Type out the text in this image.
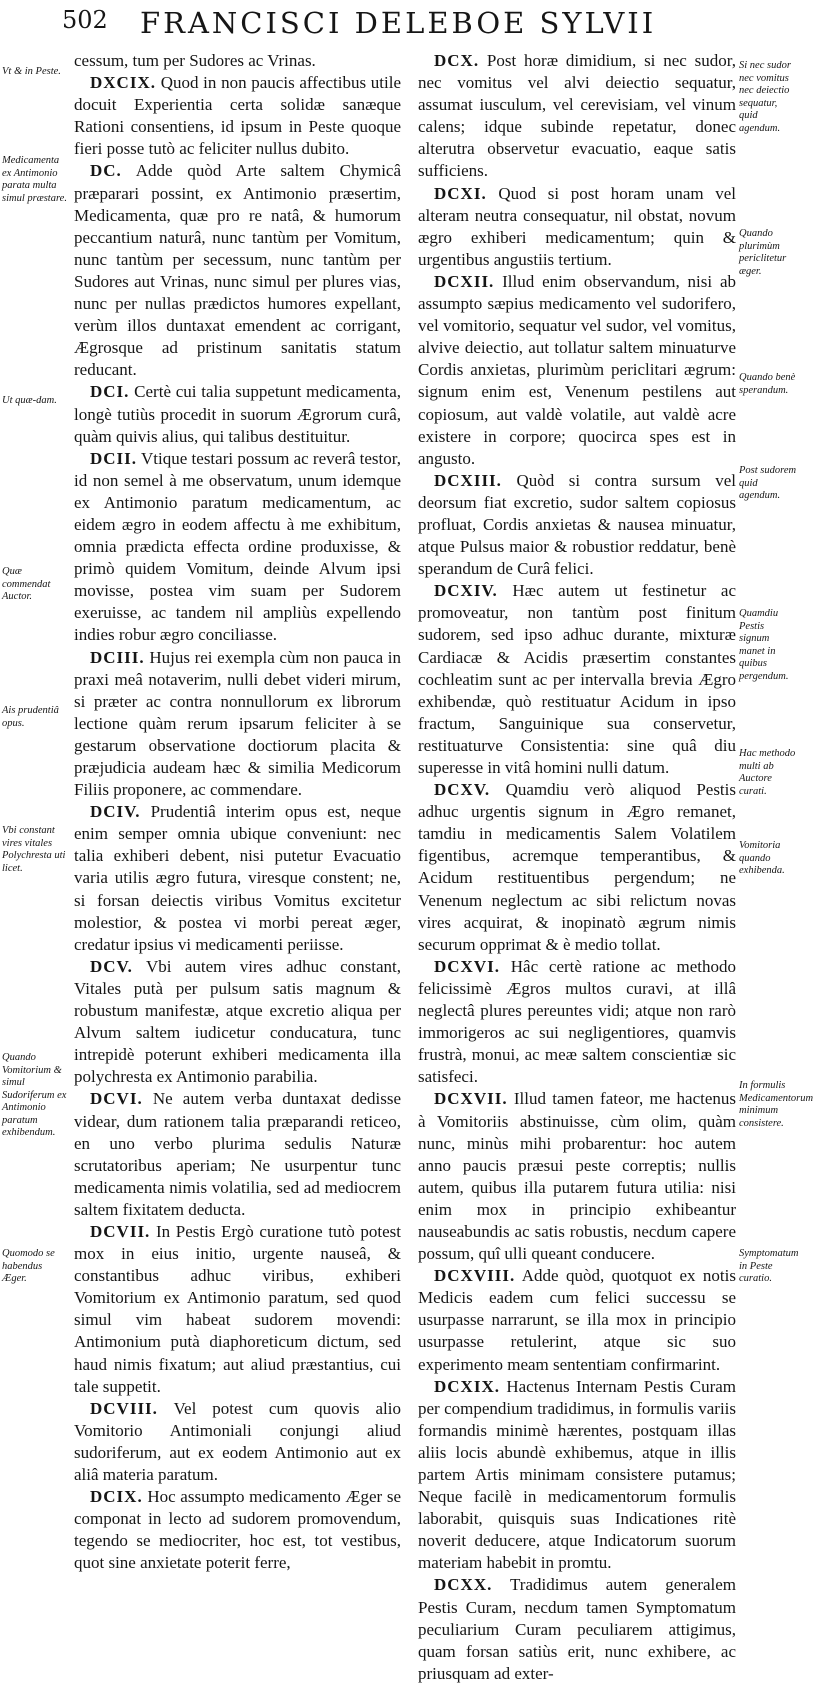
502 FRANCISCI DELEBOE SYLVII

cessum, tum per Sudores ac Vrinas.

DXCIX. Quod in non paucis affectibus utile docuit Experientia certa solidæ sanæque Rationi consentiens, id ipsum in Peste quoque fieri posse tutò ac feliciter nullus dubito.

DC. Adde quòd Arte saltem Chymicâ præparari possint, ex Antimonio præsertim, Medicamenta, quæ pro re natâ, & humorum peccantium naturâ, nunc tantùm per Vomitum, nunc tantùm per secessum, nunc tantùm per Sudores aut Vrinas, nunc simul per plures vias, nunc per nullas prædictos humores expellant, verùm illos duntaxat emendent ac corrigant, Ægrosque ad pristinum sanitatis statum reducant.

DCI. Certè cui talia suppetunt medicamenta, longè tutiùs procedit in suorum Ægrorum curâ, quàm quivis alius, qui talibus destituitur.

DCII. Vtique testari possum ac reverâ testor, id non semel à me observatum, unum idemque ex Antimonio paratum medicamentum, ac eidem ægro in eodem affectu à me exhibitum, omnia prædicta effecta ordine produxisse, & primò quidem Vomitum, deinde Alvum ipsi movisse, postea vim suam per Sudorem exeruisse, ac tandem nil ampliùs expellendo indies robur ægro conciliasse.

DCIII. Hujus rei exempla cùm non pauca in praxi meâ notaverim, nulli debet videri mirum, si præter ac contra nonnullorum ex librorum lectione quàm rerum ipsarum feliciter à se gestarum observatione doctiorum placita & præjudicia audeam hæc & similia Medicorum Filiis proponere, ac commendare.

DCIV. Prudentiâ interim opus est, neque enim semper omnia ubique conveniunt: nec talia exhiberi debent, nisi putetur Evacuatio varia utilis ægro futura, viresque constent; ne, si forsan deiectis viribus Vomitus excitetur molestior, & postea vi morbi pereat æger, credatur ipsius vi medicamenti periisse.

DCV. Vbi autem vires adhuc constant, Vitales putà per pulsum satis magnum & robustum manifestæ, atque excretio aliqua per Alvum saltem iudicetur conducatura, tunc intrepidè poterunt exhiberi medicamenta illa polychresta ex Antimonio parabilia.

DCVI. Ne autem verba duntaxat dedisse videar, dum rationem talia præparandi reticeo, en uno verbo plurima sedulis Naturæ scrutatoribus aperiam; Ne usurpentur tunc medicamenta nimis volatilia, sed ad mediocrem saltem fixitatem deducta.

DCVII. In Pestis Ergò curatione tutò potest mox in eius initio, urgente nauseâ, & constantibus adhuc viribus, exhiberi Vomitorium ex Antimonio paratum, sed quod simul vim habeat sudorem movendi: Antimonium putà diaphoreticum dictum, sed haud nimis fixatum; aut aliud præstantius, cui tale suppetit.

DCVIII. Vel potest cum quovis alio Vomitorio Antimoniali conjungi aliud sudoriferum, aut ex eodem Antimonio aut ex aliâ materia paratum.

DCIX. Hoc assumpto medicamento Æger se componat in lecto ad sudorem promovendum, tegendo se mediocriter, hoc est, tot vestibus, quot sine anxietate poterit ferre,

DCX. Post horæ dimidium, si nec sudor, nec vomitus vel alvi deiectio sequatur, assumat iusculum, vel cerevisiam, vel vinum calens; idque subinde repetatur, donec alterutra observetur evacuatio, eaque satis sufficiens.

DCXI. Quod si post horam unam vel alteram neutra consequatur, nil obstat, novum ægro exhiberi medicamentum; quin & urgentibus angustiis tertium.

DCXII. Illud enim observandum, nisi ab assumpto sæpius medicamento vel sudorifero, vel vomitorio, sequatur vel sudor, vel vomitus, alvive deiectio, aut tollatur saltem minuaturve Cordis anxietas, plurimùm periclitari ægrum: signum enim est, Venenum pestilens aut copiosum, aut valdè volatile, aut valdè acre existere in corpore; quocirca spes est in angusto.

DCXIII. Quòd si contra sursum vel deorsum fiat excretio, sudor saltem copiosus profluat, Cordis anxietas & nausea minuatur, atque Pulsus maior & robustior reddatur, benè sperandum de Curâ felici.

DCXIV. Hæc autem ut festinetur ac promoveatur, non tantùm post finitum sudorem, sed ipso adhuc durante, mixturæ Cardiacæ & Acidis præsertim constantes cochleatim sunt ac per intervalla brevia Ægro exhibendæ, quò restituatur Acidum in ipso fractum, Sanguinique sua conservetur, restituaturve Consistentia: sine quâ diu superesse in vitâ homini nulli datum.

DCXV. Quamdiu verò aliquod Pestis adhuc urgentis signum in Ægro remanet, tamdiu in medicamentis Salem Volatilem figentibus, acremque temperantibus, & Acidum restituentibus pergendum; ne Venenum neglectum ac sibi relictum novas vires acquirat, & inopinatò ægrum nimis securum opprimat & è medio tollat.

DCXVI. Hâc certè ratione ac methodo felicissimè Ægros multos curavi, at illâ neglectâ plures pereuntes vidi; atque non rarò immorigeros ac sui negligentiores, quamvis frustrà, monui, ac meæ saltem conscientiæ sic satisfeci.

DCXVII. Illud tamen fateor, me hactenus à Vomitoriis abstinuisse, cùm olim, quàm nunc, minùs mihi probarentur: hoc autem anno paucis præsui peste correptis; nullis autem, quibus illa putarem futura utilia: nisi enim mox in principio exhibeantur nauseabundis ac satis robustis, necdum capere possum, quî ulli queant conducere.

DCXVIII. Adde quòd, quotquot ex notis Medicis eadem cum felici successu se usurpasse narrarunt, se illa mox in principio usurpasse retulerint, atque sic suo experimento meam sententiam confirmarint.

DCXIX. Hactenus Internam Pestis Curam per compendium tradidimus, in formulis variis formandis minimè hærentes, postquam illas aliis locis abundè exhibemus, atque in illis partem Artis minimam consistere putamus; Neque facilè in medicamentorum formulis laborabit, quisquis suas Indicationes ritè noverit deducere, atque Indicatorum suorum materiam habebit in promtu.

DCXX. Tradidimus autem generalem Pestis Curam, necdum tamen Symptomatum peculiarium Curam peculiarem attigimus, quam forsan satiùs erit, nunc exhibere, ac priusquam ad exter-

Vt & in Peste.
Medicamenta ex Antimonio parata multa simul præstare.
Ut quæ-dam.
Quæ commendat Auctor.
Ais prudentiâ opus.
Vbi constant vires vitales Polychresta uti licet.
Quando Vomitorium & simul Sudoriferum ex Antimonio paratum exhibendum.
Quomodo se habendus Æger.
Si nec sudor nec vomitus nec deiectio sequatur, quid agendum.
Quando plurimùm periclitetur æger.
Quando benè sperandum.
Post sudorem quid agendum.
Quamdiu Pestis signum manet in quibus pergendum.
Hac methodo multi ab Auctore curati.
Vomitoria quando exhibenda.
In formulis Medicamentorum minimum consistere.
Symptomatum in Peste curatio.
